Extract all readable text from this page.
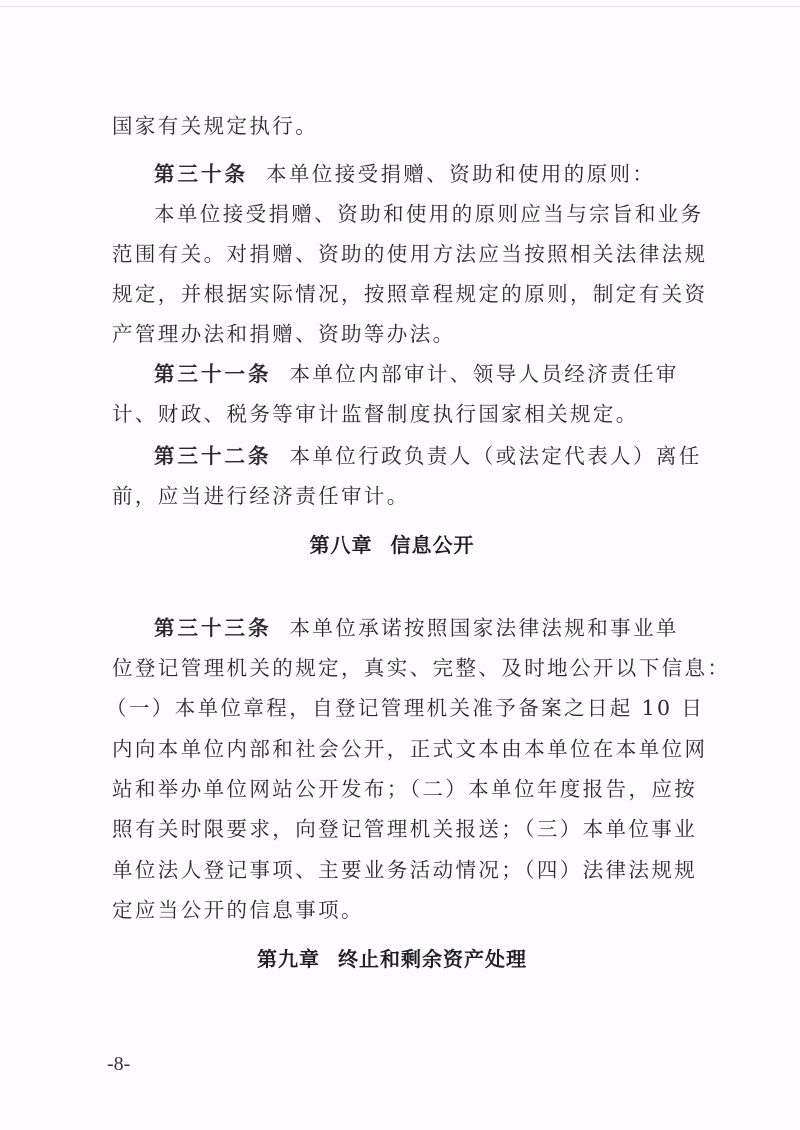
国家有关规定执行。
第三十条 本单位接受捐赠、资助和使用的原则：
本单位接受捐赠、资助和使用的原则应当与宗旨和业务
范围有关。对捐赠、资助的使用方法应当按照相关法律法规
规定，并根据实际情况，按照章程规定的原则，制定有关资
产管理办法和捐赠、资助等办法。
第三十一条 本单位内部审计、领导人员经济责任审
计、财政、税务等审计监督制度执行国家相关规定。
第三十二条 本单位行政负责人（或法定代表人）离任
前，应当进行经济责任审计。
第八章 信息公开
第三十三条 本单位承诺按照国家法律法规和事业单
位登记管理机关的规定，真实、完整、及时地公开以下信息：
（一）本单位章程，自登记管理机关准予备案之日起 10 日
内向本单位内部和社会公开，正式文本由本单位在本单位网
站和举办单位网站公开发布；（二）本单位年度报告，应按
照有关时限要求，向登记管理机关报送；（三）本单位事业
单位法人登记事项、主要业务活动情况；（四）法律法规规
定应当公开的信息事项。
第九章 终止和剩余资产处理
-8-
